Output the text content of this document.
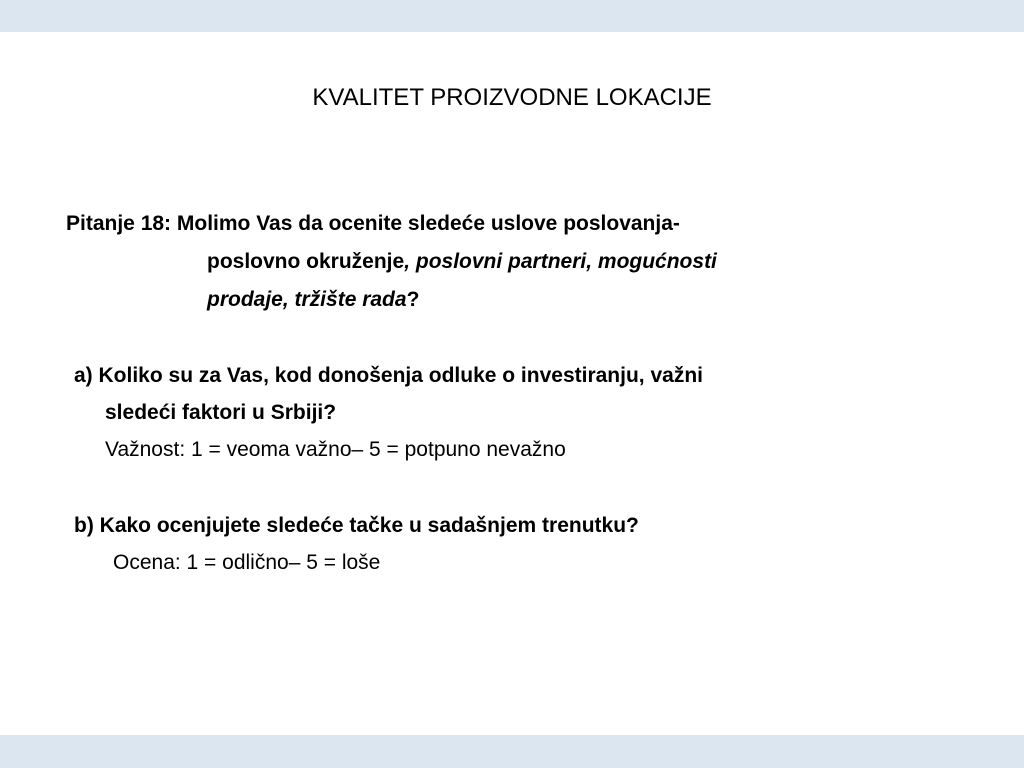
KVALITET PROIZVODNE LOKACIJE
Pitanje 18: Molimo Vas da ocenite sledeće uslove poslovanja-
poslovno okruženje, poslovni partneri, mogućnosti
prodaje, tržište rada?
a) Koliko su za Vas, kod donošenja odluke o investiranju, važni
sledeći faktori u Srbiji?
Važnost: 1 = veoma važno– 5 = potpuno nevažno
b) Kako ocenjujete sledeće tačke u sadašnjem trenutku?
Ocena: 1 = odlično– 5 = loše
